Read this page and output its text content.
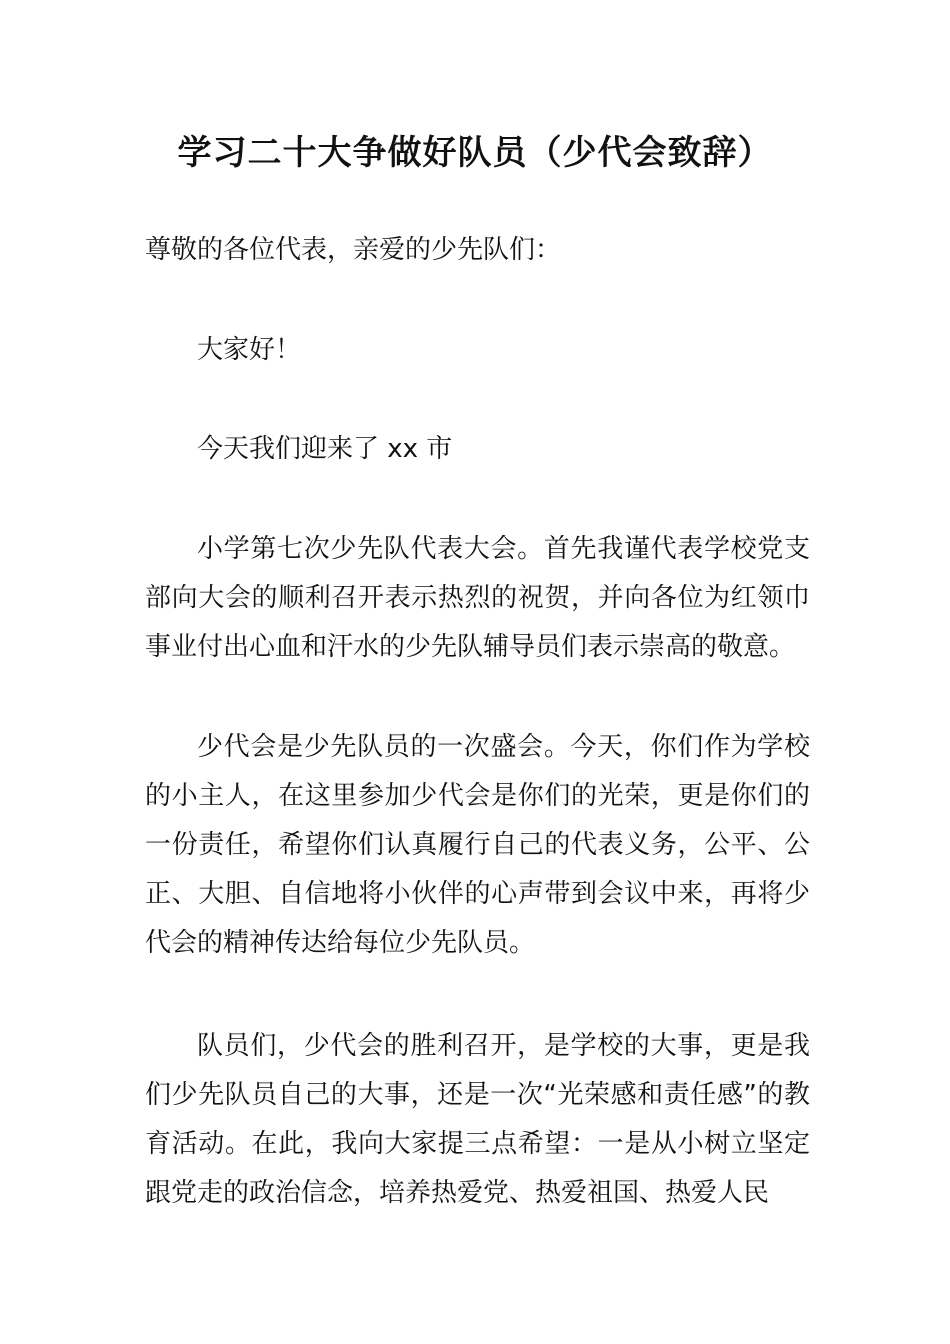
学习二十大争做好队员（少代会致辞）

尊敬的各位代表，亲爱的少先队们：

大家好！

今天我们迎来了 xx 市

小学第七次少先队代表大会。首先我谨代表学校党支部向大会的顺利召开表示热烈的祝贺，并向各位为红领巾事业付出心血和汗水的少先队辅导员们表示崇高的敬意。

少代会是少先队员的一次盛会。今天，你们作为学校的小主人，在这里参加少代会是你们的光荣，更是你们的一份责任，希望你们认真履行自己的代表义务，公平、公正、大胆、自信地将小伙伴的心声带到会议中来，再将少代会的精神传达给每位少先队员。

队员们，少代会的胜利召开，是学校的大事，更是我们少先队员自己的大事，还是一次“光荣感和责任感”的教育活动。在此，我向大家提三点希望：一是从小树立坚定跟党走的政治信念，培养热爱党、热爱祖国、热爱人民
